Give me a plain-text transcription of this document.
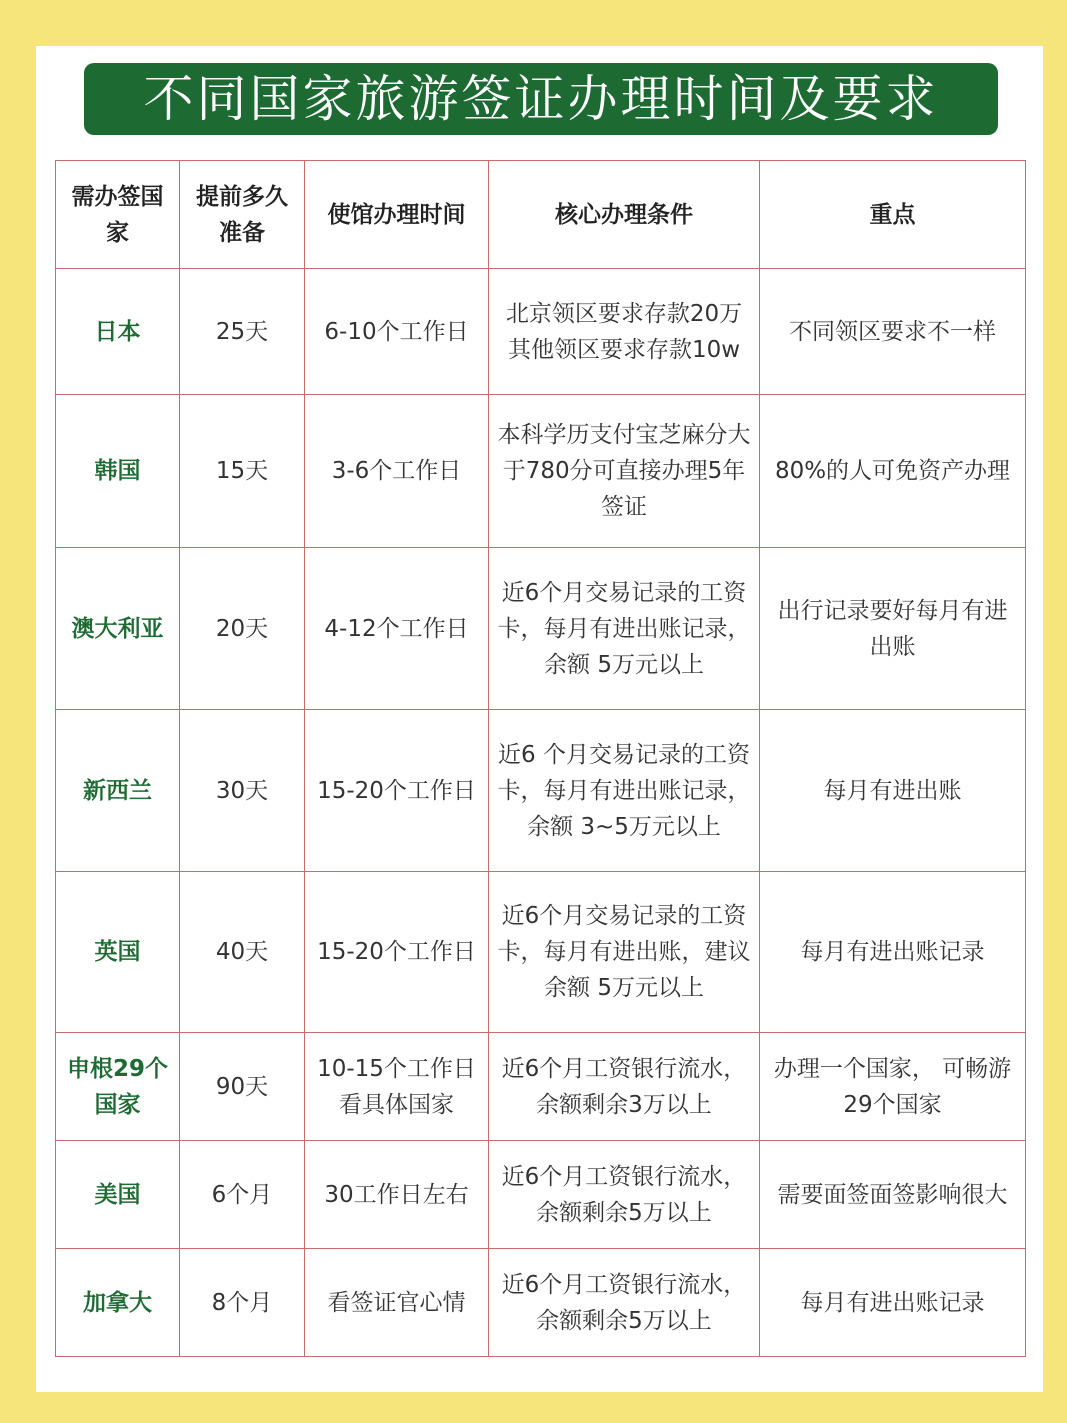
不同国家旅游签证办理时间及要求
需办签国家	提前多久准备	使馆办理时间	核心办理条件	重点
日本	25天	6-10个工作日	北京领区要求存款20万其他领区要求存款10w	不同领区要求不一样
韩国	15天	3-6个工作日	本科学历支付宝芝麻分大于780分可直接办理5年签证	80%的人可免资产办理
澳大利亚	20天	4-12个工作日	近6个月交易记录的工资卡，每月有进出账记录， 余额 5万元以上	出行记录要好每月有进出账
新西兰	30天	15-20个工作日	近6 个月交易记录的工资卡，每月有进出账记录， 余额 3~5万元以上	每月有进出账
英国	40天	15-20个工作日	近6个月交易记录的工资卡，每月有进出账，建议余额 5万元以上	每月有进出账记录
申根29个国家	90天	10-15个工作日看具体国家	近6个月工资银行流水， 余额剩余3万以上	办理一个国家， 可畅游29个国家
美国	6个月	30工作日左右	近6个月工资银行流水， 余额剩余5万以上	需要面签面签影响很大
加拿大	8个月	看签证官心情	近6个月工资银行流水， 余额剩余5万以上	每月有进出账记录
